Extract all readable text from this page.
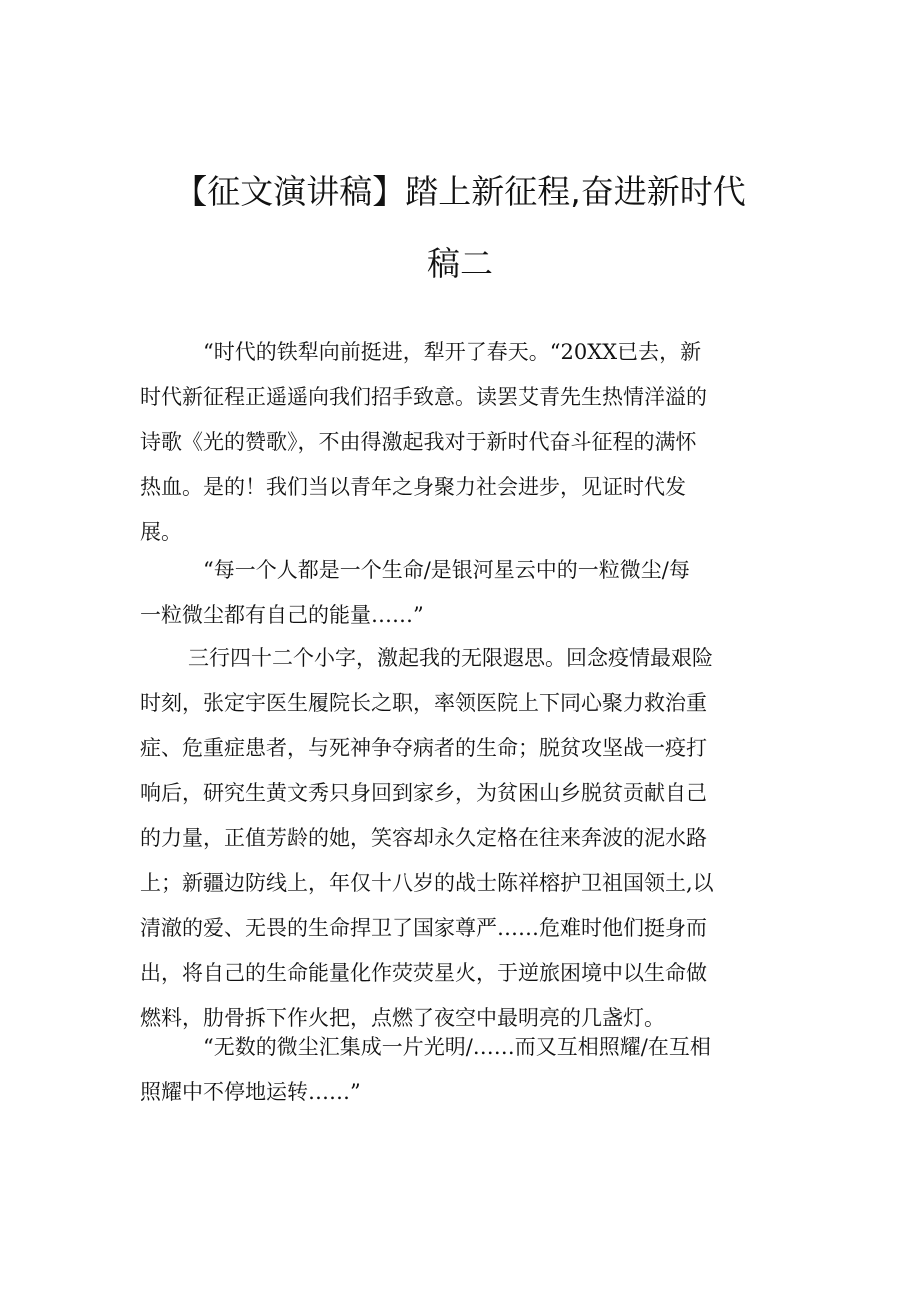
【征文演讲稿】踏上新征程,奋进新时代
稿二
“时代的铁犁向前挺进，犁开了春天。“20XX已去，新
时代新征程正遥遥向我们招手致意。读罢艾青先生热情洋溢的
诗歌《光的赞歌》，不由得激起我对于新时代奋斗征程的满怀
热血。是的！我们当以青年之身聚力社会进步，见证时代发
展。
“每一个人都是一个生命/是银河星云中的一粒微尘/每
一粒微尘都有自己的能量……”
三行四十二个小字，激起我的无限遐思。回念疫情最艰险
时刻，张定宇医生履院长之职，率领医院上下同心聚力救治重
症、危重症患者，与死神争夺病者的生命；脱贫攻坚战一疫打
响后，研究生黄文秀只身回到家乡，为贫困山乡脱贫贡献自己
的力量，正值芳龄的她，笑容却永久定格在往来奔波的泥水路
上；新疆边防线上，年仅十八岁的战士陈祥榕护卫祖国领土,以
清澈的爱、无畏的生命捍卫了国家尊严……危难时他们挺身而
出，将自己的生命能量化作荧荧星火，于逆旅困境中以生命做
燃料，肋骨拆下作火把，点燃了夜空中最明亮的几盏灯。
“无数的微尘汇集成一片光明/……而又互相照耀/在互相
照耀中不停地运转……”
